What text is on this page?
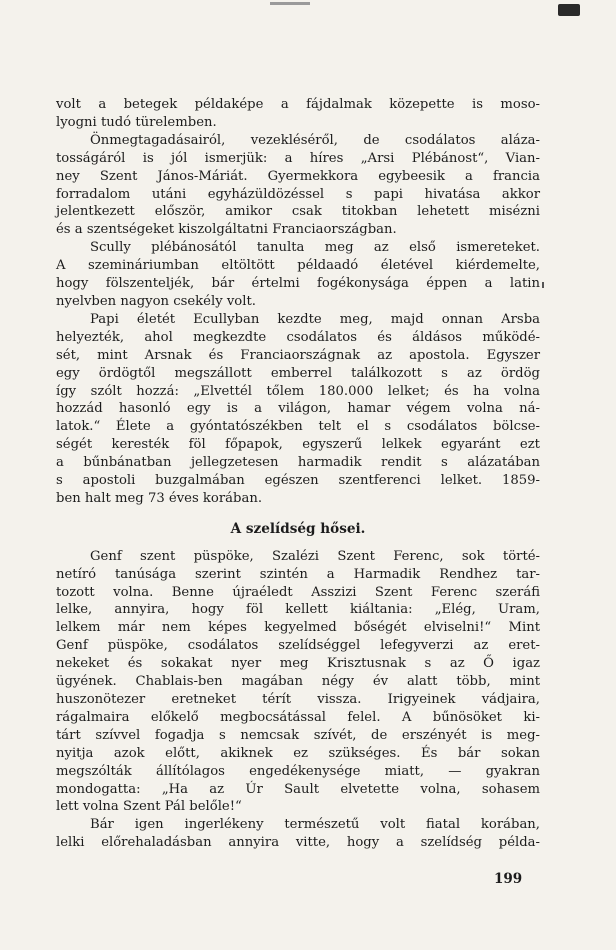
volt a betegek példaképe a fájdalmak közepette is moso-
lyogni tudó türelemben.
Önmegtagadásairól, vezekléséről, de csodálatos aláza-
tosságáról is jól ismerjük: a híres „Arsi Plébánost“, Vian-
ney Szent János-Máriát. Gyermekkora egybeesik a francia
forradalom utáni egyházüldözéssel s papi hivatása akkor
jelentkezett először, amikor csak titokban lehetett misézni
és a szentségeket kiszolgáltatni Franciaországban.
Scully plébánosától tanulta meg az első ismereteket.
A szemináriumban eltöltött példaadó életével kiérdemelte,
hogy fölszenteljék, bár értelmi fogékonysága éppen a latin
nyelvben nagyon csekély volt.
Papi életét Ecullyban kezdte meg, majd onnan Arsba
helyezték, ahol megkezdte csodálatos és áldásos működé-
sét, mint Arsnak és Franciaországnak az apostola. Egyszer
egy ördögtől megszállott emberrel találkozott s az ördög
így szólt hozzá: „Elvettél tőlem 180.000 lelket; és ha volna
hozzád hasonló egy is a világon, hamar végem volna ná-
latok.“ Élete a gyóntatószékben telt el s csodálatos bölcse-
ségét keresték föl főpapok, egyszerű lelkek egyaránt ezt
a bűnbánatban jellegzetesen harmadik rendit s alázatában
s apostoli buzgalmában egészen szentferenci lelket. 1859-
ben halt meg 73 éves korában.
A szelídség hősei.
Genf szent püspöke, Szalézi Szent Ferenc, sok törté-
netíró tanúsága szerint szintén a Harmadik Rendhez tar-
tozott volna. Benne újraéledt Asszizi Szent Ferenc szeráfi
lelke, annyira, hogy föl kellett kiáltania: „Elég, Uram,
lelkem már nem képes kegyelmed bőségét elviselni!“ Mint
Genf püspöke, csodálatos szelídséggel lefegyverzi az eret-
nekeket és sokakat nyer meg Krisztusnak s az Ő igaz
ügyének. Chablais-ben magában négy év alatt több, mint
huszonötezer eretneket térít vissza. Irigyeinek vádjaira,
rágalmaira előkelő megbocsátással felel. A bűnösöket ki-
tárt szívvel fogadja s nemcsak szívét, de erszényét is meg-
nyitja azok előtt, akiknek ez szükséges. És bár sokan
megszólták állítólagos engedékenysége miatt, — gyakran
mondogatta: „Ha az Úr Sault elvetette volna, sohasem
lett volna Szent Pál belőle!“
Bár igen ingerlékeny természetű volt fiatal korában,
lelki előrehaladásban annyira vitte, hogy a szelídség példa-
199
